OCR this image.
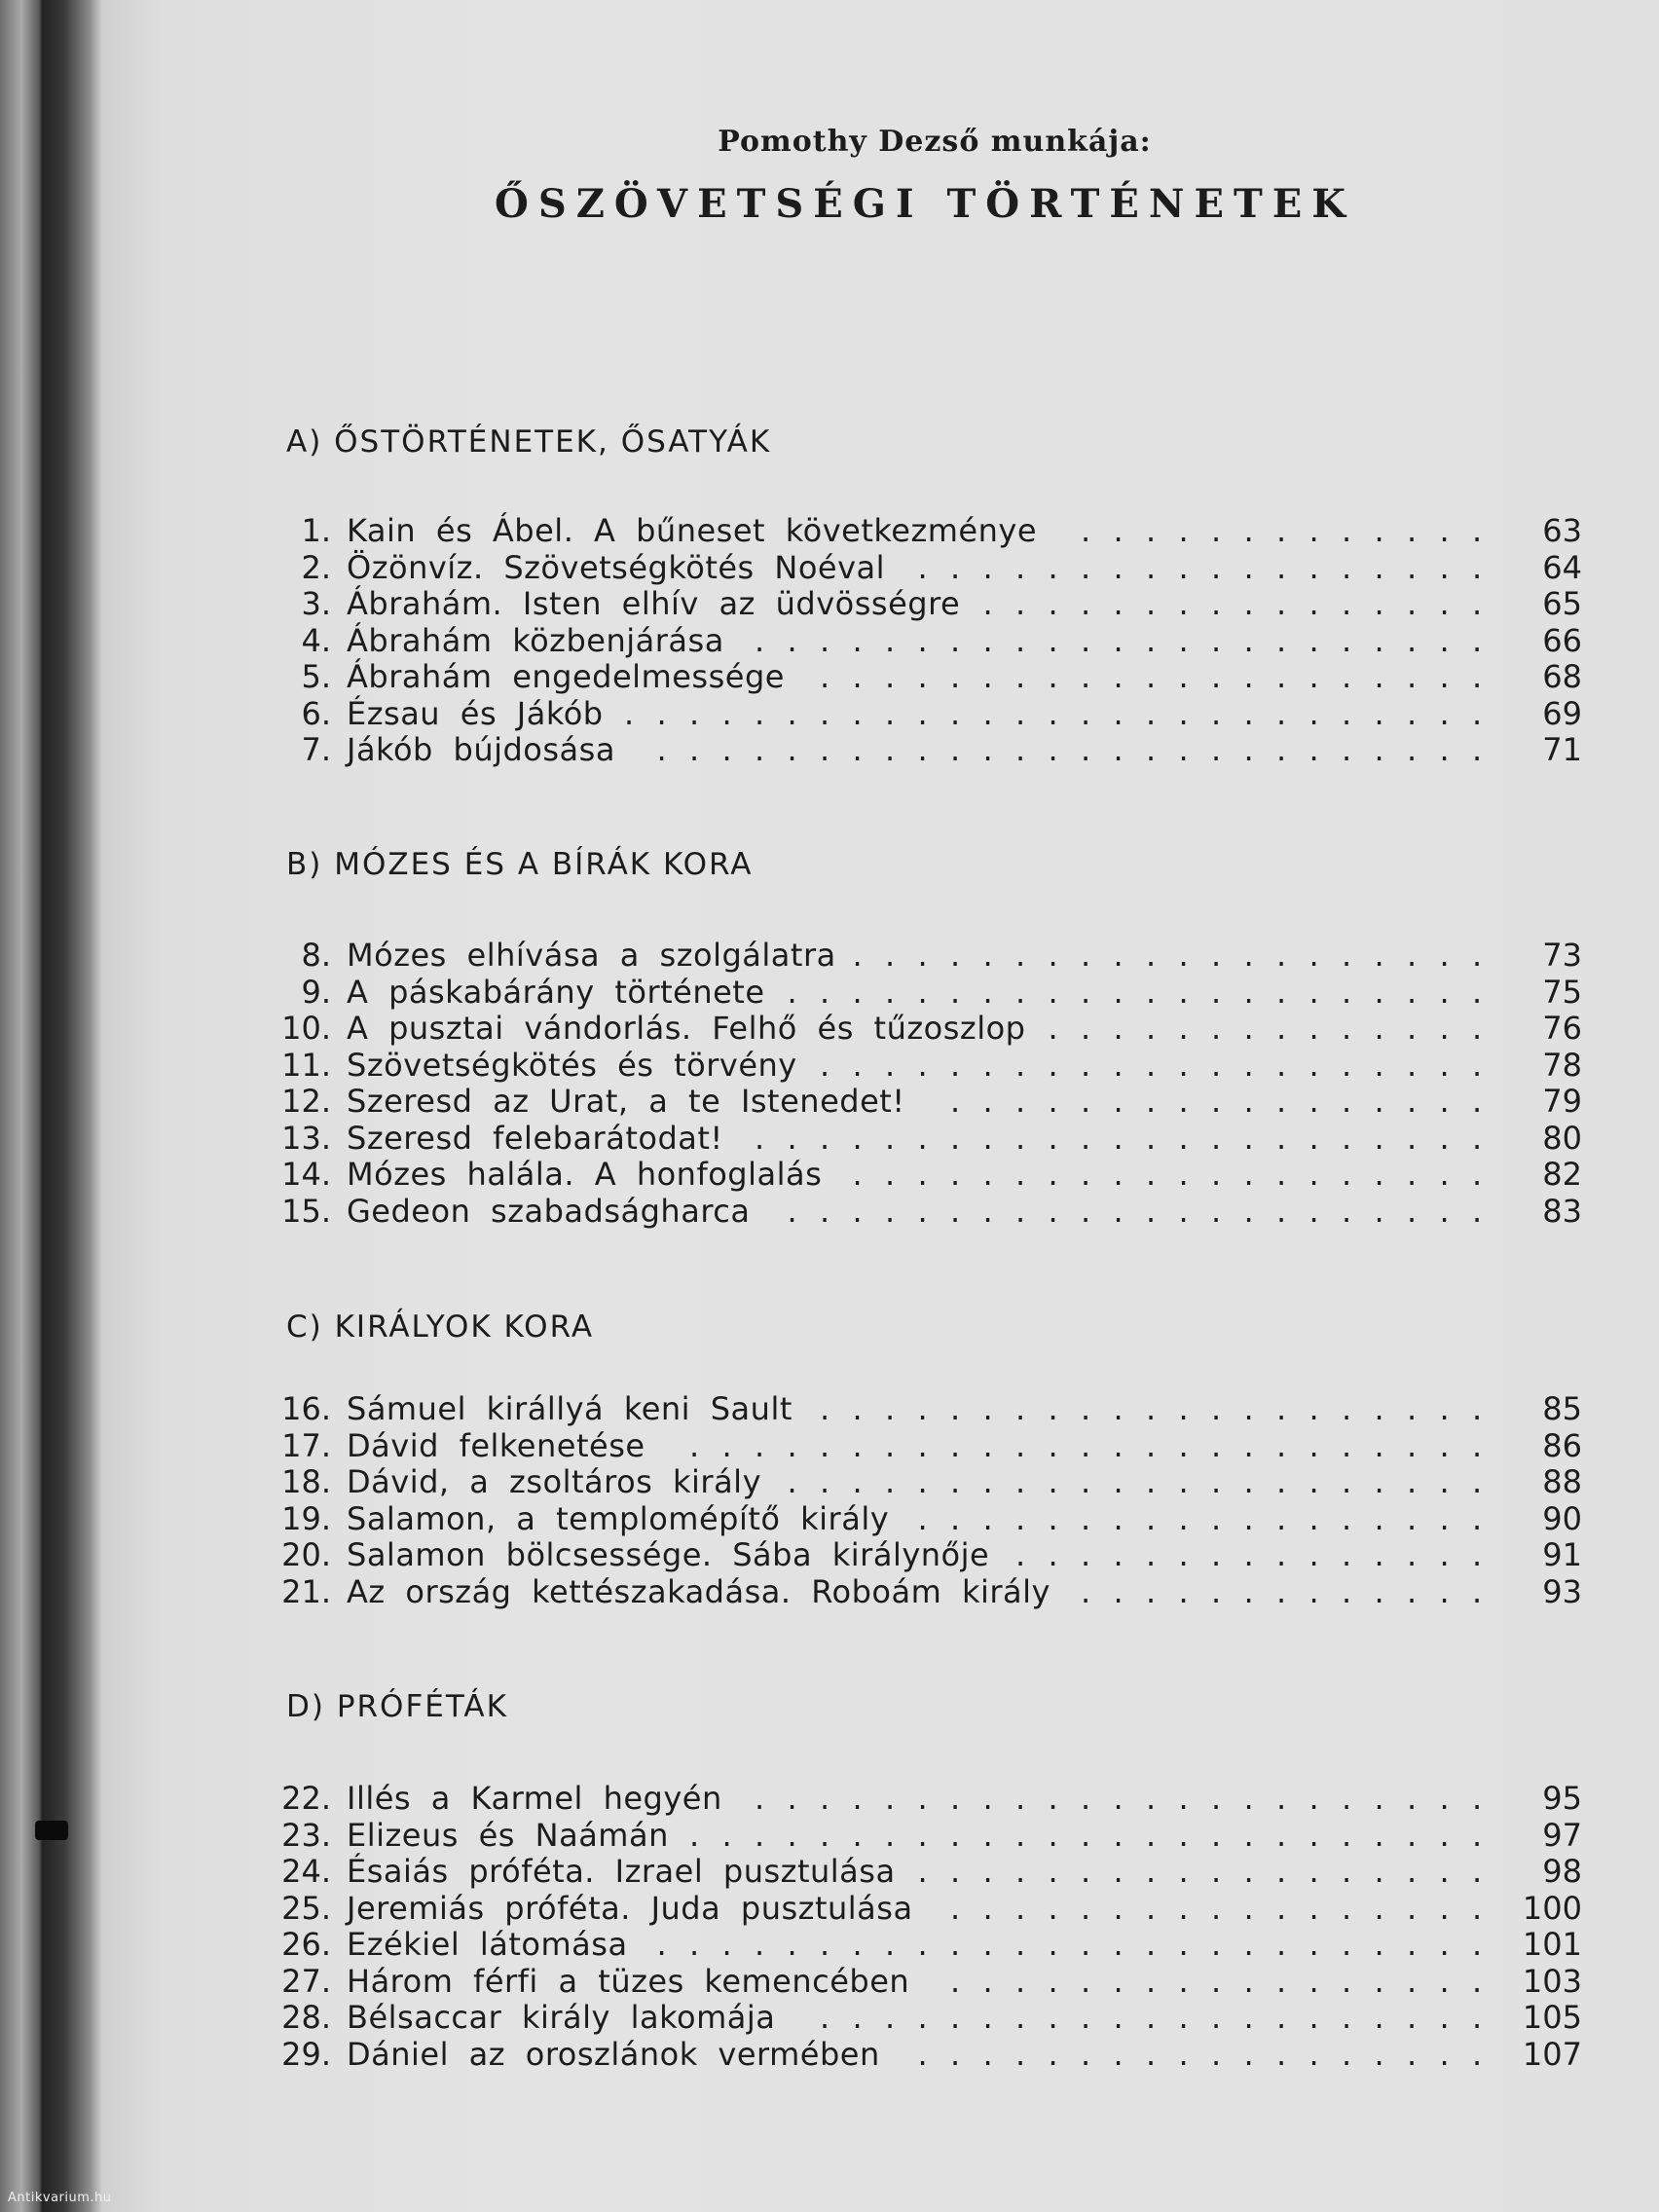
Pomothy Dezső munkája:
ŐSZÖVETSÉGI TÖRTÉNETEK
A) ŐSTÖRTÉNETEK, ŐSATYÁK
1. Kain és Ábel. A bűneset következménye . . . . . . . . . . . . .	63
2. Özönvíz. Szövetségkötés Noéval . . . . . . . . . . . . . . . . . .	64
3. Ábrahám. Isten elhív az üdvösségre . . . . . . . . . . . . . . . .	65
4. Ábrahám közbenjárása . . . . . . . . . . . . . . . . . . . . . . .	66
5. Ábrahám engedelmessége . . . . . . . . . . . . . . . . . . . . .	68
6. Ézsau és Jákób . . . . . . . . . . . . . . . . . . . . . . . . . . .	69
7. Jákób bújdosása . . . . . . . . . . . . . . . . . . . . . . . . . .	71
B) MÓZES ÉS A BÍRÁK KORA
8. Mózes elhívása a szolgálatra . . . . . . . . . . . . . . . . . . . .	73
9. A páskabárány története . . . . . . . . . . . . . . . . . . . . . .	75
10. A pusztai vándorlás. Felhő és tűzoszlop . . . . . . . . . . . . . .	76
11. Szövetségkötés és törvény . . . . . . . . . . . . . . . . . . . . .	78
12. Szeresd az Urat, a te Istenedet! . . . . . . . . . . . . . . . . .	79
13. Szeresd felebarátodat! . . . . . . . . . . . . . . . . . . . . . . .	80
14. Mózes halála. A honfoglalás . . . . . . . . . . . . . . . . . . . .	82
15. Gedeon szabadságharca . . . . . . . . . . . . . . . . . . . . . .	83
C) KIRÁLYOK KORA
16. Sámuel királlyá keni Sault . . . . . . . . . . . . . . . . . . . . .	85
17. Dávid felkenetése . . . . . . . . . . . . . . . . . . . . . . . . .	86
18. Dávid, a zsoltáros király . . . . . . . . . . . . . . . . . . . . . .	88
19. Salamon, a templomépítő király . . . . . . . . . . . . . . . . . .	90
20. Salamon bölcsessége. Sába királynője . . . . . . . . . . . . . . .	91
21. Az ország kettészakadása. Roboám király . . . . . . . . . . . . .	93
D) PRÓFÉTÁK
22. Illés a Karmel hegyén . . . . . . . . . . . . . . . . . . . . . . .	95
23. Elizeus és Naámán . . . . . . . . . . . . . . . . . . . . . . . . .	97
24. Ésaiás próféta. Izrael pusztulása . . . . . . . . . . . . . . . . . .	98
25. Jeremiás próféta. Juda pusztulása . . . . . . . . . . . . . . . . .	100
26. Ezékiel látomása . . . . . . . . . . . . . . . . . . . . . . . . . .	101
27. Három férfi a tüzes kemencében . . . . . . . . . . . . . . . . .	103
28. Bélsaccar király lakomája . . . . . . . . . . . . . . . . . . . . .	105
29. Dániel az oroszlánok vermében . . . . . . . . . . . . . . . . . .	107
Antikvarium.hu
